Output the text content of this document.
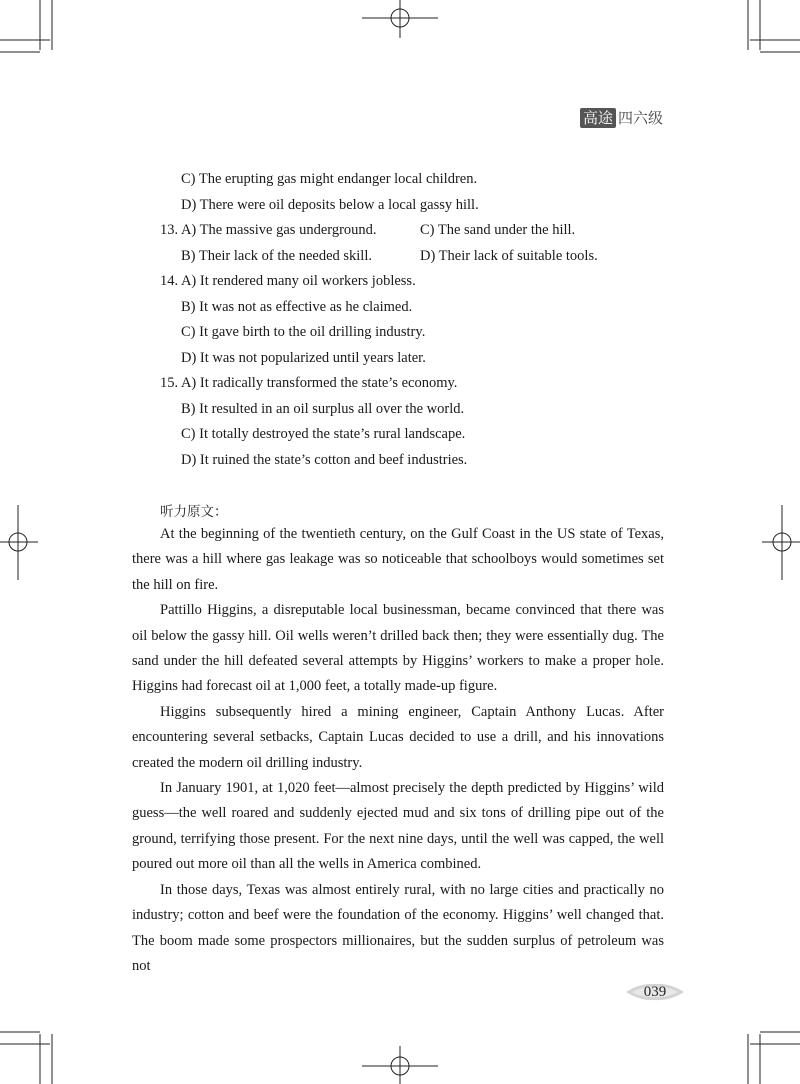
高途 四六级
C) The erupting gas might endanger local children.
D) There were oil deposits below a local gassy hill.
13. A) The massive gas underground.	C) The sand under the hill.
B) Their lack of the needed skill.	D) Their lack of suitable tools.
14. A) It rendered many oil workers jobless.
B) It was not as effective as he claimed.
C) It gave birth to the oil drilling industry.
D) It was not popularized until years later.
15. A) It radically transformed the state’s economy.
B) It resulted in an oil surplus all over the world.
C) It totally destroyed the state’s rural landscape.
D) It ruined the state’s cotton and beef industries.
听力原文：

At the beginning of the twentieth century, on the Gulf Coast in the US state of Texas, there was a hill where gas leakage was so noticeable that schoolboys would sometimes set the hill on fire.

Pattillo Higgins, a disreputable local businessman, became convinced that there was oil below the gassy hill. Oil wells weren’t drilled back then; they were essentially dug. The sand under the hill defeated several attempts by Higgins’ workers to make a proper hole. Higgins had forecast oil at 1,000 feet, a totally made-up figure.

Higgins subsequently hired a mining engineer, Captain Anthony Lucas. After encountering several setbacks, Captain Lucas decided to use a drill, and his innovations created the modern oil drilling industry.

In January 1901, at 1,020 feet—almost precisely the depth predicted by Higgins’ wild guess—the well roared and suddenly ejected mud and six tons of drilling pipe out of the ground, terrifying those present. For the next nine days, until the well was capped, the well poured out more oil than all the wells in America combined.

In those days, Texas was almost entirely rural, with no large cities and practically no industry; cotton and beef were the foundation of the economy. Higgins’ well changed that. The boom made some prospectors millionaires, but the sudden surplus of petroleum was not

039
